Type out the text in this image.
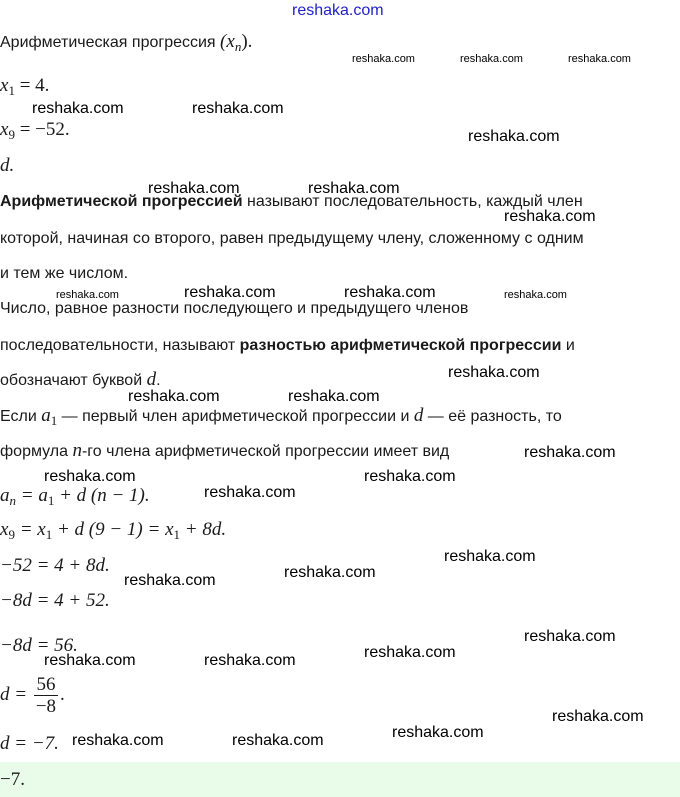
reshaka.com
Арифметическая прогрессия $(x_n)$.
$x_1 = 4$.
$x_9 = -52$.
d.
Арифметической прогрессией называют последовательность, каждый член
которой, начиная со второго, равен предыдущему члену, сложенному с одним
и тем же числом.
Число, равное разности последующего и предыдущего членов
последовательности, называют разностью арифметической прогрессии и
обозначают буквой d.
Если $a_1$ — первый член арифметической прогрессии и d — её разность, то
формула n-го члена арифметической прогрессии имеет вид
$a_n = a_1 + d$ (n − 1).
$x_9 = x_1 + d$ $(9 - 1) = x_1 + 8d$.
−52 = 4 + 8d.
−8d = 4 + 52.
−8d = 56.
$d = \frac{56}{-8}$ .
d = −7.
−7.
reshaka.com	reshaka.com	reshaka.com
reshaka.com	reshaka.com
reshaka.com
reshaka.com	reshaka.com
reshaka.com
reshaka.com	reshaka.com	reshaka.com	reshaka.com
reshaka.com
reshaka.com	reshaka.com
reshaka.com
reshaka.com	reshaka.com
reshaka.com
reshaka.com
reshaka.com
reshaka.com
reshaka.com
reshaka.com
reshaka.com	reshaka.com
reshaka.com
reshaka.com
reshaka.com	reshaka.com
